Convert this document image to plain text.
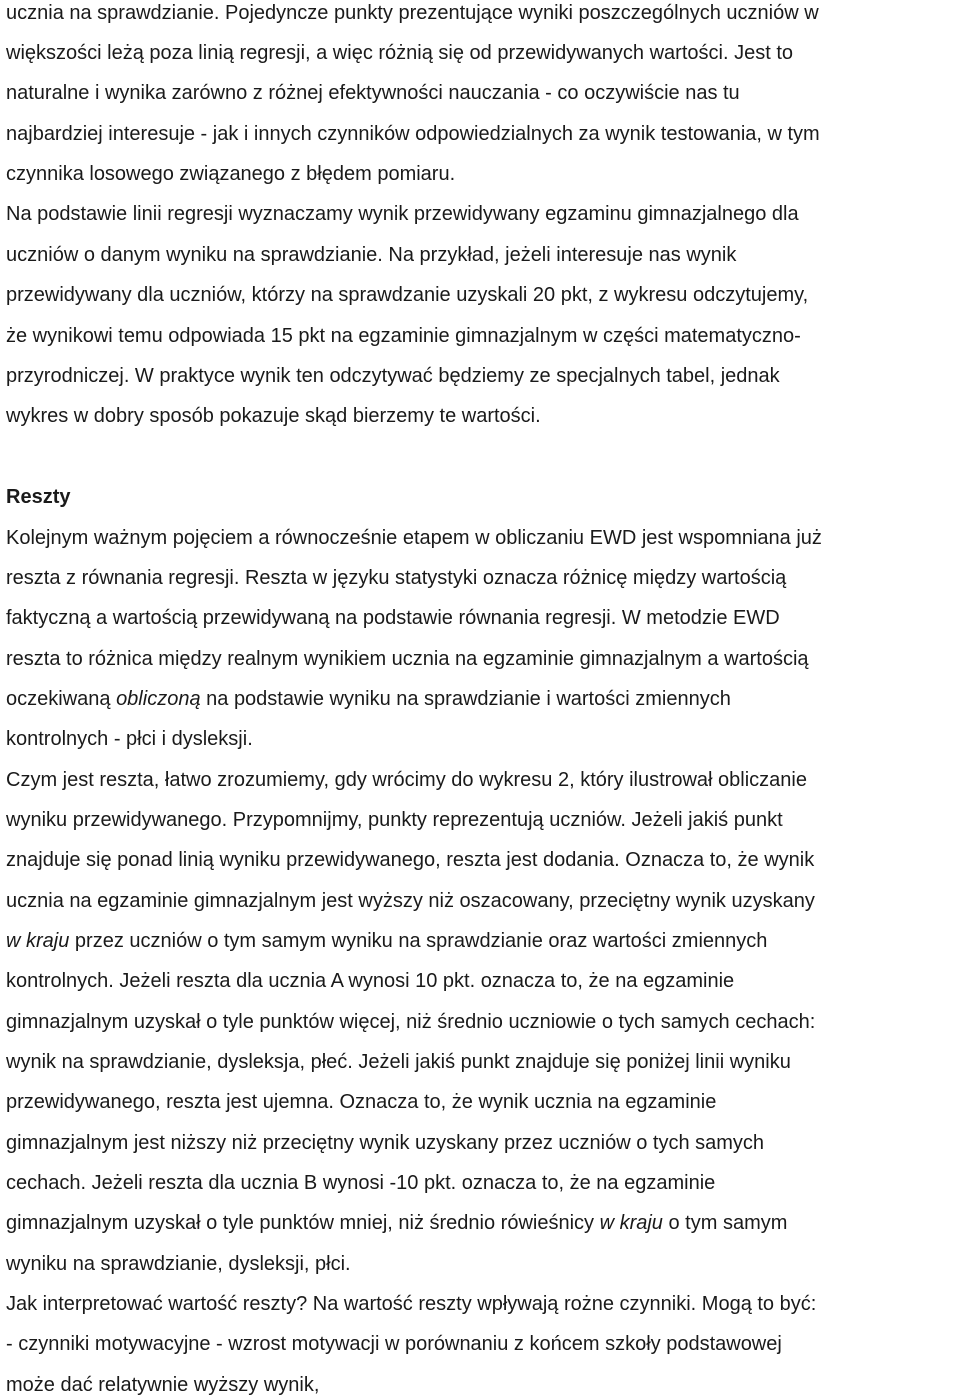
ucznia na sprawdzianie. Pojedyncze punkty prezentujące wyniki poszczególnych uczniów w
większości leżą poza linią regresji, a więc różnią się od przewidywanych wartości. Jest to
naturalne i wynika zarówno z różnej efektywności nauczania - co oczywiście nas tu
najbardziej interesuje - jak i innych czynników odpowiedzialnych za wynik testowania, w tym
czynnika losowego związanego z błędem pomiaru.
Na podstawie linii regresji wyznaczamy wynik przewidywany egzaminu gimnazjalnego dla
uczniów o danym wyniku na sprawdzianie. Na przykład, jeżeli interesuje nas wynik
przewidywany dla uczniów, którzy na sprawdzanie uzyskali 20 pkt, z wykresu odczytujemy,
że wynikowi temu odpowiada 15 pkt na egzaminie gimnazjalnym w części matematyczno-
przyrodniczej. W praktyce wynik ten odczytywać będziemy ze specjalnych tabel, jednak
wykres w dobry sposób pokazuje skąd bierzemy te wartości.
Reszty
Kolejnym ważnym pojęciem a równocześnie etapem w obliczaniu EWD jest wspomniana już
reszta z równania regresji. Reszta w języku statystyki oznacza różnicę między wartością
faktyczną a wartością przewidywaną na podstawie równania regresji. W metodzie EWD
reszta to różnica między realnym wynikiem ucznia na egzaminie gimnazjalnym a wartością
oczekiwaną obliczoną na podstawie wyniku na sprawdzianie i wartości zmiennych
kontrolnych - płci i dysleksji.
Czym jest reszta, łatwo zrozumiemy, gdy wrócimy do wykresu 2, który ilustrował obliczanie
wyniku przewidywanego. Przypomnijmy, punkty reprezentują uczniów. Jeżeli jakiś punkt
znajduje się ponad linią wyniku przewidywanego, reszta jest dodania. Oznacza to, że wynik
ucznia na egzaminie gimnazjalnym jest wyższy niż oszacowany, przeciętny wynik uzyskany
w kraju przez uczniów o tym samym wyniku na sprawdzianie oraz wartości zmiennych
kontrolnych. Jeżeli reszta dla ucznia A wynosi 10 pkt. oznacza to, że na egzaminie
gimnazjalnym uzyskał o tyle punktów więcej, niż średnio uczniowie o tych samych cechach:
wynik na sprawdzianie, dysleksja, płeć. Jeżeli jakiś punkt znajduje się poniżej linii wyniku
przewidywanego, reszta jest ujemna. Oznacza to, że wynik ucznia na egzaminie
gimnazjalnym jest niższy niż przeciętny wynik uzyskany przez uczniów o tych samych
cechach. Jeżeli reszta dla ucznia B wynosi -10 pkt. oznacza to, że na egzaminie
gimnazjalnym uzyskał o tyle punktów mniej, niż średnio rówieśnicy w kraju o tym samym
wyniku na sprawdzianie, dysleksji, płci.
Jak interpretować wartość reszty? Na wartość reszty wpływają rożne czynniki. Mogą to być:
- czynniki motywacyjne - wzrost motywacji w porównaniu z końcem szkoły podstawowej
może dać relatywnie wyższy wynik,
